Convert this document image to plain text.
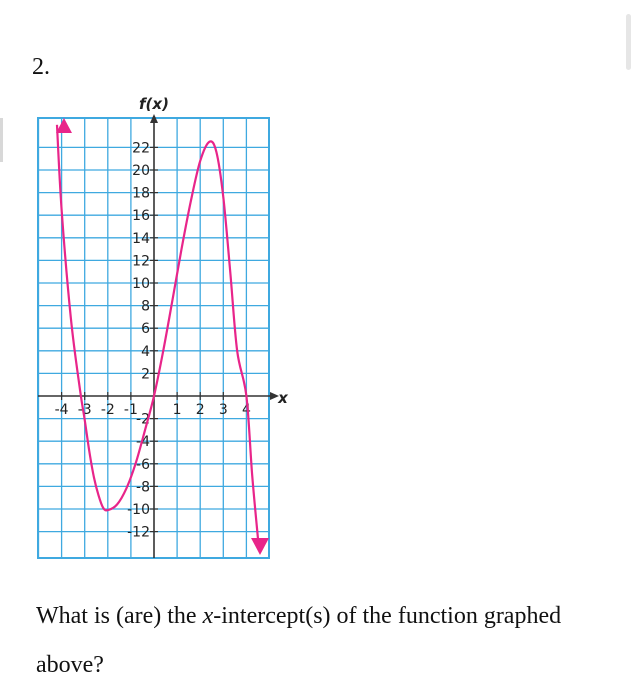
2.
-4 -3 -2 -1 1 2 3 4
22
20
18
16
14
12
10
8
6
4
2
-2
-4
-6
-8
-10
-12
f(x)
x
What is (are) the x-intercept(s) of the function graphed above?
